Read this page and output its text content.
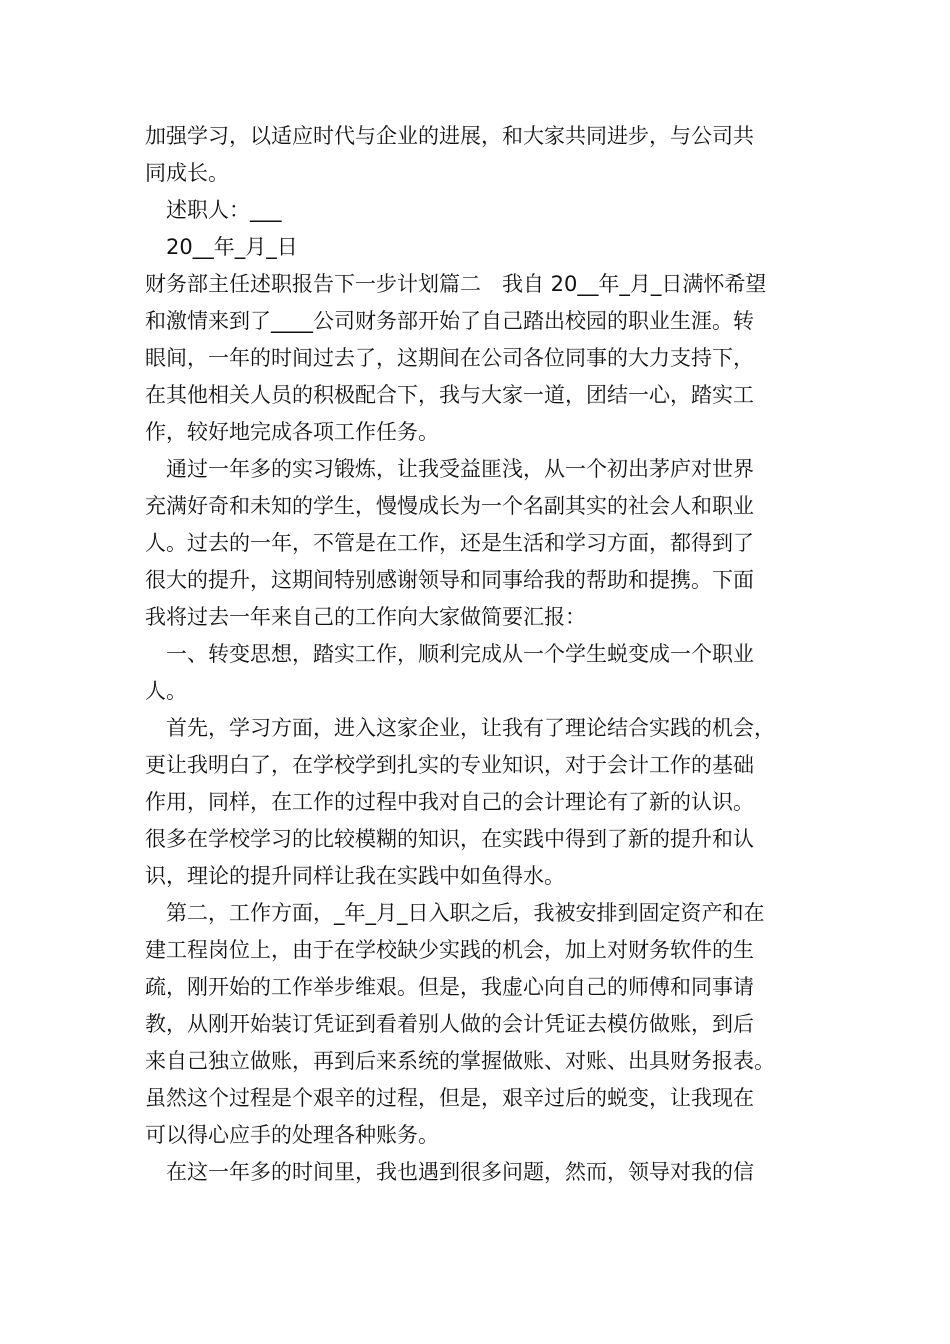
加强学习，以适应时代与企业的进展，和大家共同进步，与公司共
同成长。
　述职人：___
　20__年_月_日
财务部主任述职报告下一步计划篇二　我自 20__年_月_日满怀希望
和激情来到了____公司财务部开始了自己踏出校园的职业生涯。转
眼间，一年的时间过去了，这期间在公司各位同事的大力支持下，
在其他相关人员的积极配合下，我与大家一道，团结一心，踏实工
作，较好地完成各项工作任务。
　通过一年多的实习锻炼，让我受益匪浅，从一个初出茅庐对世界
充满好奇和未知的学生，慢慢成长为一个名副其实的社会人和职业
人。过去的一年，不管是在工作，还是生活和学习方面，都得到了
很大的提升，这期间特别感谢领导和同事给我的帮助和提携。下面
我将过去一年来自己的工作向大家做简要汇报：
　一、转变思想，踏实工作，顺利完成从一个学生蜕变成一个职业
人。
　首先，学习方面，进入这家企业，让我有了理论结合实践的机会，
更让我明白了，在学校学到扎实的专业知识，对于会计工作的基础
作用，同样，在工作的过程中我对自己的会计理论有了新的认识。
很多在学校学习的比较模糊的知识，在实践中得到了新的提升和认
识，理论的提升同样让我在实践中如鱼得水。
　第二，工作方面，_年_月_日入职之后，我被安排到固定资产和在
建工程岗位上，由于在学校缺少实践的机会，加上对财务软件的生
疏，刚开始的工作举步维艰。但是，我虚心向自己的师傅和同事请
教，从刚开始装订凭证到看着别人做的会计凭证去模仿做账，到后
来自己独立做账，再到后来系统的掌握做账、对账、出具财务报表。
虽然这个过程是个艰辛的过程，但是，艰辛过后的蜕变，让我现在
可以得心应手的处理各种账务。
　在这一年多的时间里，我也遇到很多问题，然而，领导对我的信
